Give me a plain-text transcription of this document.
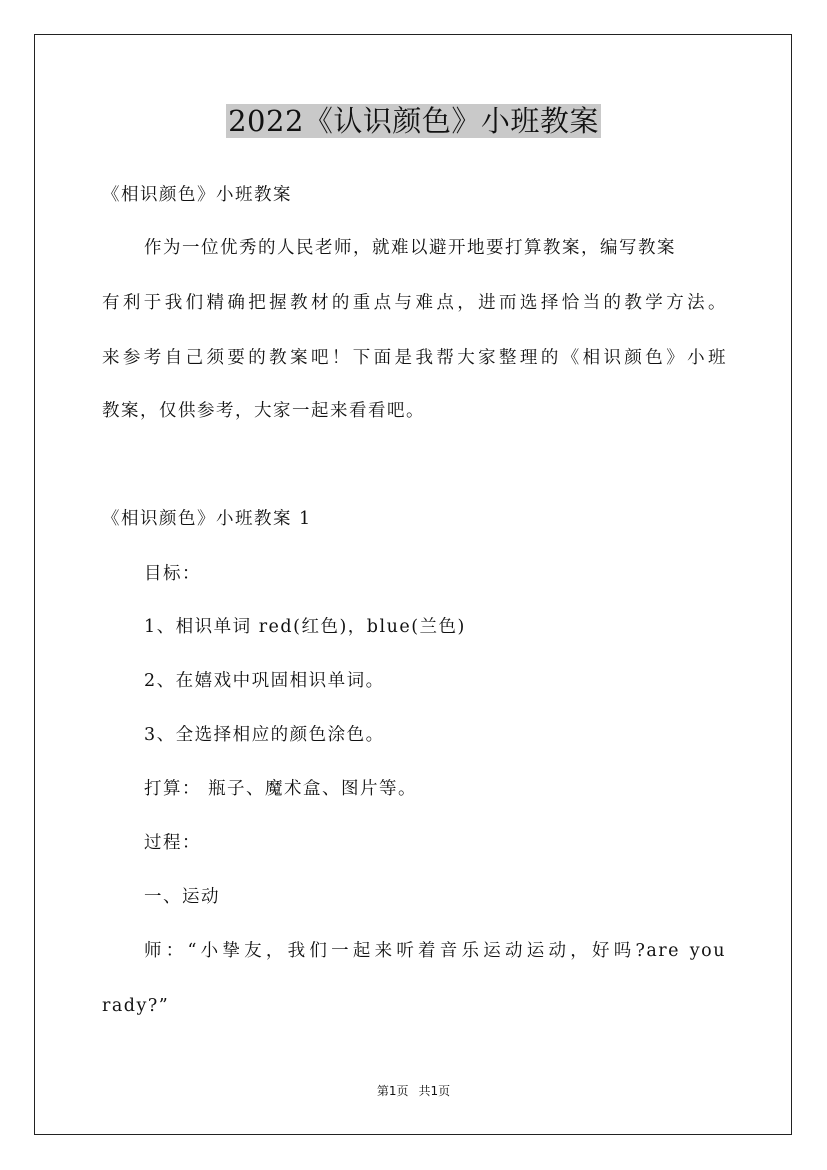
2022《认识颜色》小班教案
《相识颜色》小班教案
作为一位优秀的人民老师，就难以避开地要打算教案，编写教案
有利于我们精确把握教材的重点与难点，进而选择恰当的教学方法。
来参考自己须要的教案吧！下面是我帮大家整理的《相识颜色》小班
教案，仅供参考，大家一起来看看吧。
《相识颜色》小班教案 1
目标：
1、相识单词 red(红色)，blue(兰色)
2、在嬉戏中巩固相识单词。
3、全选择相应的颜色涂色。
打算： 瓶子、魔术盒、图片等。
过程：
一、运动
师：“小挚友，我们一起来听着音乐运动运动，好吗?are you
rady?”
第1页 共1页
